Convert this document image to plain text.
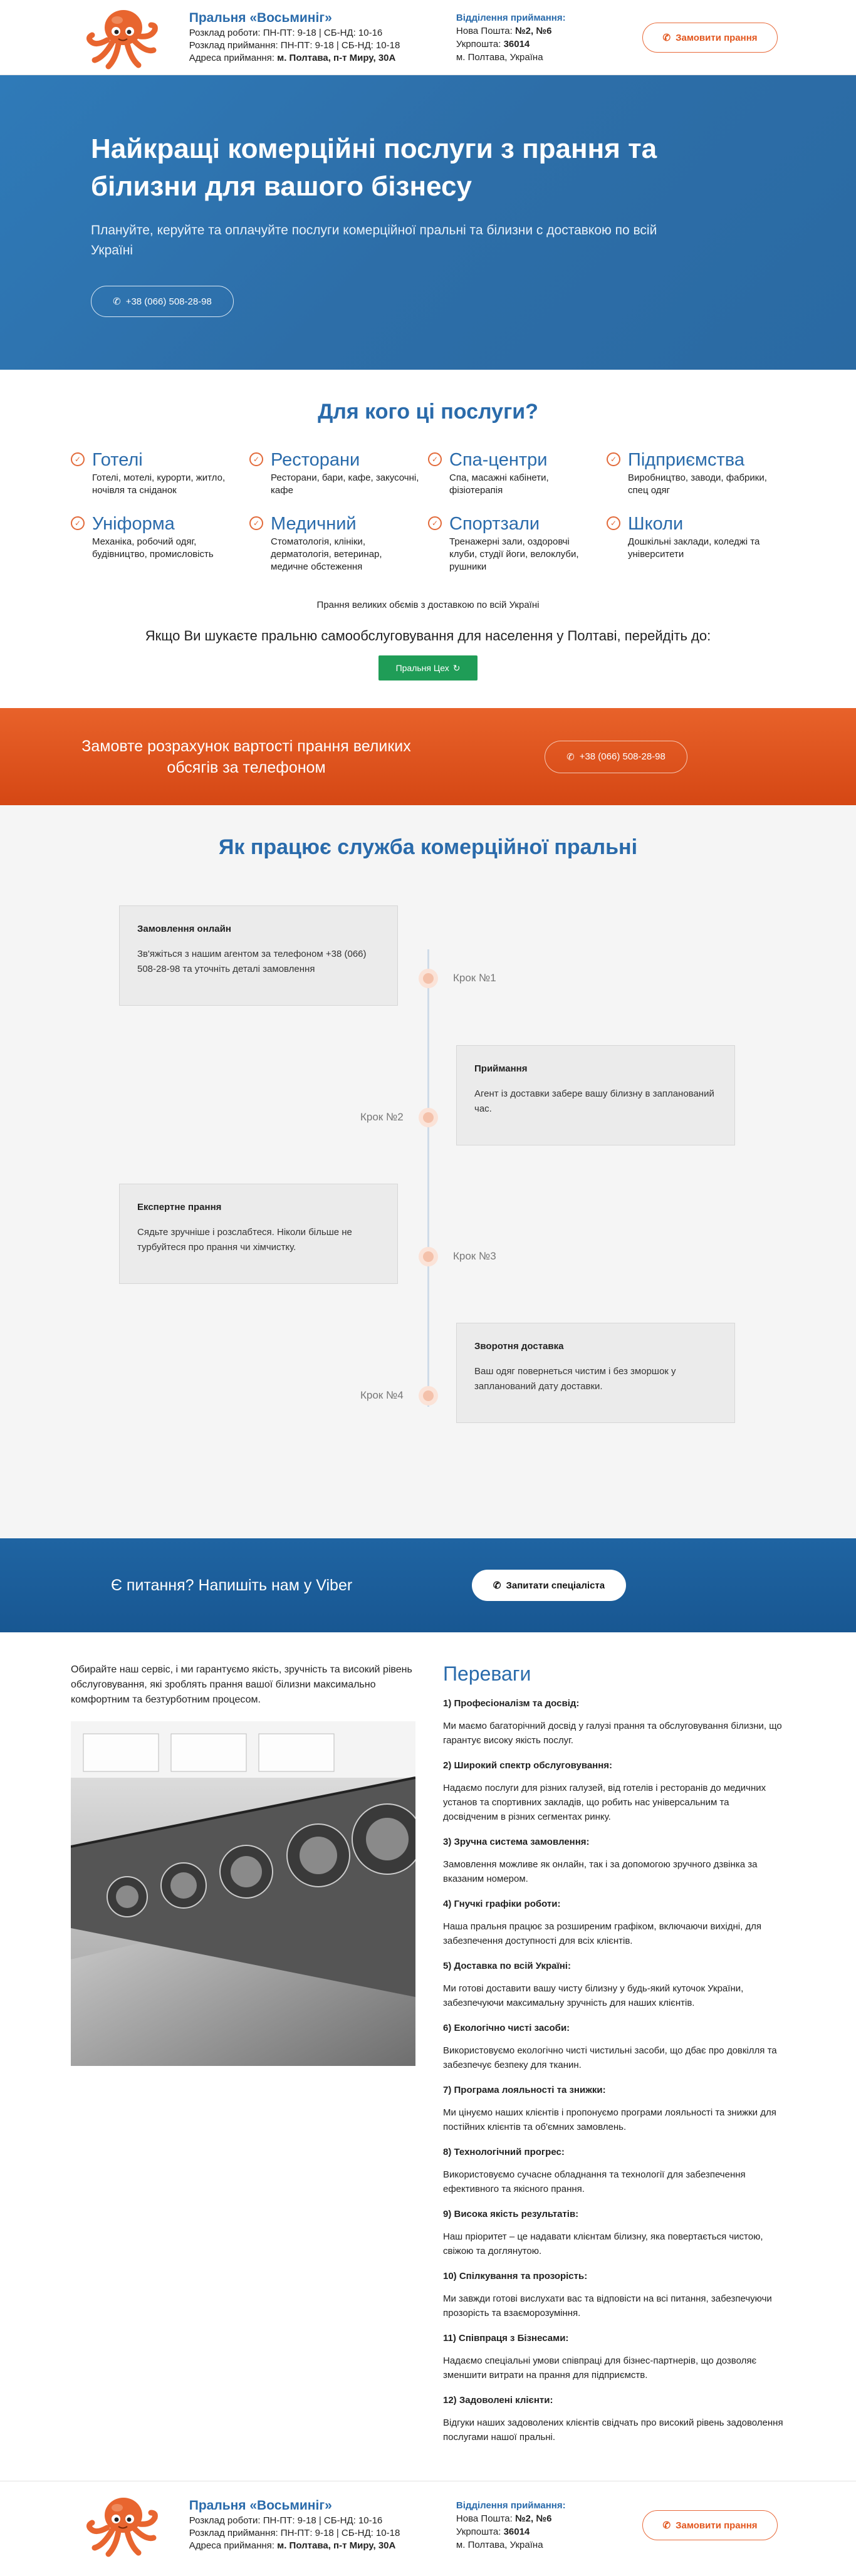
Пральня «Восьминіг»
Розклад роботи: ПН-ПТ: 9-18 | СБ-НД: 10-16
Розклад приймання: ПН-ПТ: 9-18 | СБ-НД: 10-18
Адреса приймання: м. Полтава, п-т Миру, 30А
Відділення приймання:
Нова Пошта: №2, №6
Укрпошта: 36014
м. Полтава, Україна
✆ Замовити прання
Найкращі комерційні послуги з прання та білизни для вашого бізнесу

Плануйте, керуйте та оплачуйте послуги комерційної пральні та білизни с доставкою по всій Україні

✆ +38 (066) 508-28-98
Для кого ці послуги?
✓ Готелі
Готелі, мотелі, курорти, житло, ночівля та сніданок
✓ Ресторани
Ресторани, бари, кафе, закусочні, кафе
✓ Спа-центри
Спа, масажні кабінети, фізіотерапія
✓ Підприємства
Виробництво, заводи, фабрики, спец одяг
✓ Уніформа
Механіка, робочий одяг, будівництво, промисловість
✓ Медичний
Стоматологія, клініки, дерматологія, ветеринар, медичне обстеження
✓ Спортзали
Тренажерні зали, оздоровчі клуби, студії йоги, велоклуби, рушники
✓ Школи
Дошкільні заклади, коледжі та університети
Прання великих обємів з доставкою по всій Україні
Якщо Ви шукаєте пральню самообслуговування для населення у Полтаві, перейдіть до:
Пральня Цех ↻
Замовте розрахунок вартості прання великих обсягів за телефоном
✆ +38 (066) 508-28-98
Як працює служба комерційної пральні
Крок №1
Замовлення онлайн

Зв'яжіться з нашим агентом за телефоном +38 (066) 508-28-98 та уточніть деталі замовлення

Крок №2
Приймання

Агент із доставки забере вашу білизну в запланований час.

Крок №3
Експертне прання

Сядьте зручніше і розслабтеся. Ніколи більше не турбуйтеся про прання чи хімчистку.

Крок №4
Зворотня доставка

Ваш одяг повернеться чистим і без зморшок у запланований дату доставки.

Є питання? Напишіть нам у Viber	✆ Запитати спеціаліста

Обирайте наш сервіс, і ми гарантуємо якість, зручність та високий рівень обслуговування, які зроблять прання вашої білизни максимально комфортним та безтурботним процесом.

Переваги
1) Професіоналізм та досвід:

Ми маємо багаторічний досвід у галузі прання та обслуговування білизни, що гарантує високу якість послуг.

2) Широкий спектр обслуговування:

Надаємо послуги для різних галузей, від готелів і ресторанів до медичних установ та спортивних закладів, що робить нас універсальним та досвідченим в різних сегментах ринку.

3) Зручна система замовлення:

Замовлення можливе як онлайн, так і за допомогою зручного дзвінка за вказаним номером.

4) Гнучкі графіки роботи:

Наша пральня працює за розширеним графіком, включаючи вихідні, для забезпечення доступності для всіх клієнтів.

5) Доставка по всій Україні:

Ми готові доставити вашу чисту білизну у будь-який куточок України, забезпечуючи максимальну зручність для наших клієнтів.

6) Екологічно чисті засоби:

Використовуємо екологічно чисті чистильні засоби, що дбає про довкілля та забезпечує безпеку для тканин.

7) Програма лояльності та знижки:

Ми цінуємо наших клієнтів і пропонуємо програми лояльності та знижки для постійних клієнтів та об'ємних замовлень.

8) Технологічний прогрес:

Використовуємо сучасне обладнання та технології для забезпечення ефективного та якісного прання.

9) Висока якість результатів:

Наш пріоритет – це надавати клієнтам білизну, яка повертається чистою, свіжою та доглянутою.

10) Спілкування та прозорість:

Ми завжди готові вислухати вас та відповісти на всі питання, забезпечуючи прозорість та взаєморозуміння.

11) Співпраця з Бізнесами:

Надаємо спеціальні умови співпраці для бізнес-партнерів, що дозволяє зменшити витрати на прання для підприємств.

12) Задоволені клієнти:

Відгуки наших задоволених клієнтів свідчать про високий рівень задоволення послугами нашої пральні.

Пральня «Восьминіг»
Розклад роботи: ПН-ПТ: 9-18 | СБ-НД: 10-16
Розклад приймання: ПН-ПТ: 9-18 | СБ-НД: 10-18
Адреса приймання: м. Полтава, п-т Миру, 30А
Відділення приймання:
Нова Пошта: №2, №6
Укрпошта: 36014
м. Полтава, Україна
✆ Замовити прання
